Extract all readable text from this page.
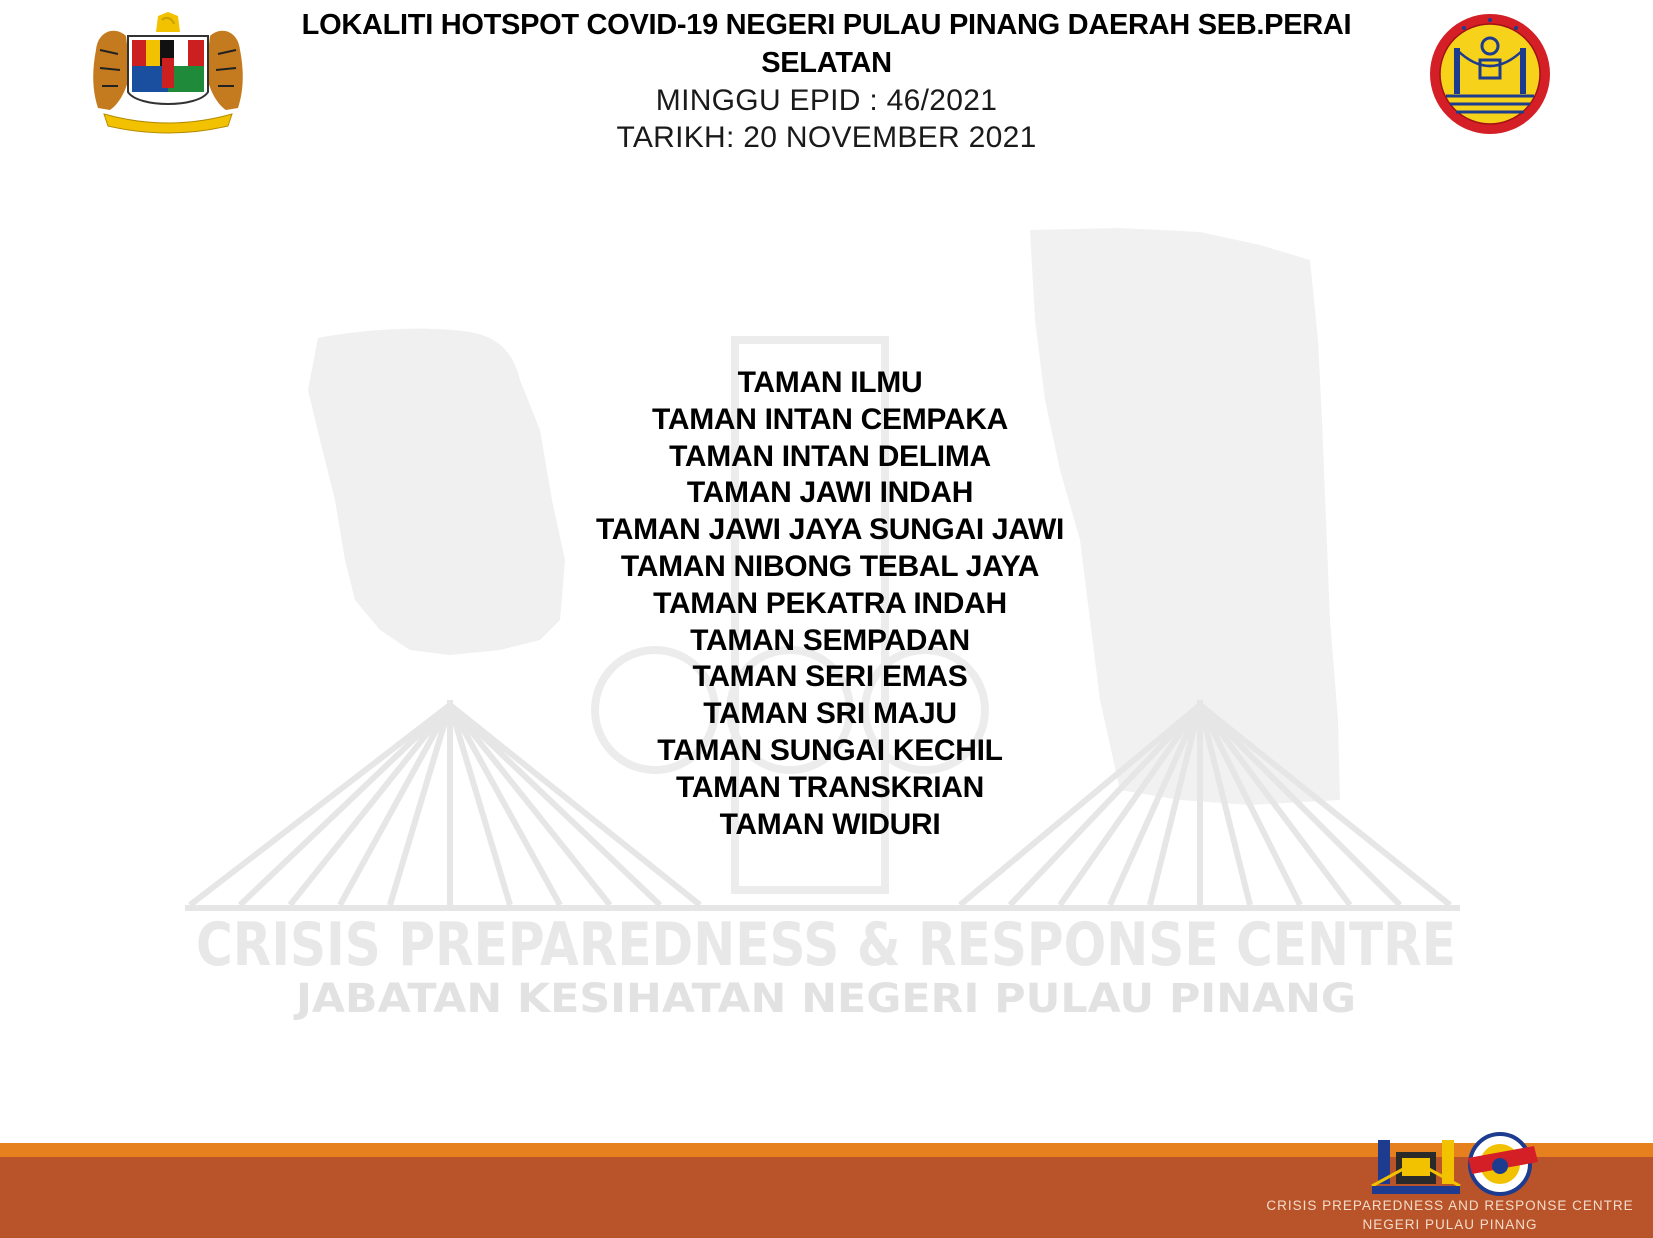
CRISIS PREPAREDNESS & RESPONSE CENTRE
JABATAN KESIHATAN NEGERI PULAU PINANG
LOKALITI HOTSPOT COVID-19 NEGERI PULAU PINANG DAERAH SEB.PERAI SELATAN
MINGGU EPID : 46/2021
TARIKH: 20 NOVEMBER 2021
TAMAN ILMU
TAMAN INTAN CEMPAKA
TAMAN INTAN DELIMA
TAMAN JAWI INDAH
TAMAN JAWI JAYA SUNGAI JAWI
TAMAN NIBONG TEBAL JAYA
TAMAN PEKATRA INDAH
TAMAN SEMPADAN
TAMAN SERI EMAS
TAMAN SRI MAJU
TAMAN SUNGAI KECHIL
TAMAN TRANSKRIAN
TAMAN WIDURI
CRISIS PREPAREDNESS AND RESPONSE CENTRE
NEGERI PULAU PINANG
